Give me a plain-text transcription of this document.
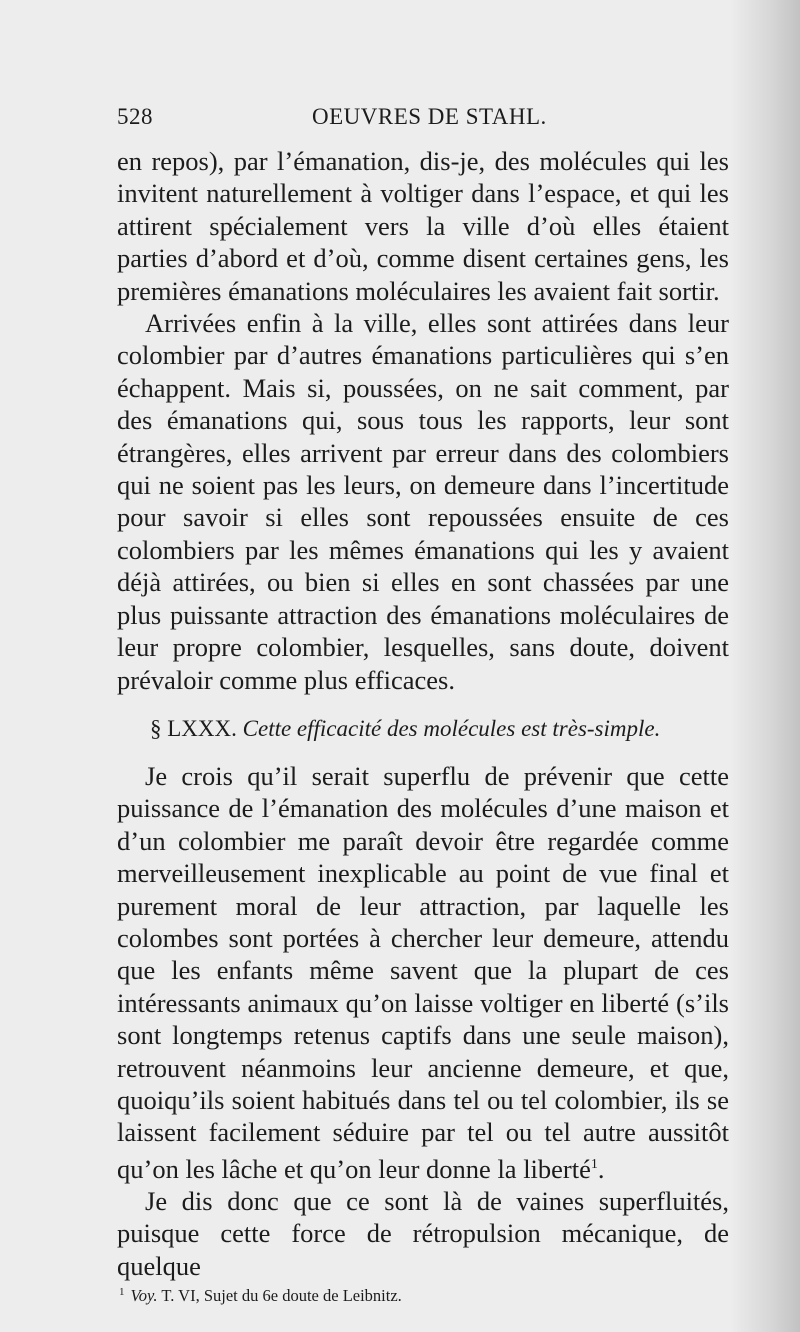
528	OEUVRES DE STAHL.

en repos), par l’émanation, dis-je, des molécules qui les invitent naturellement à voltiger dans l’espace, et qui les attirent spécialement vers la ville d’où elles étaient parties d’abord et d’où, comme disent certaines gens, les premières émanations moléculaires les avaient fait sortir.

Arrivées enfin à la ville, elles sont attirées dans leur colombier par d’autres émanations particulières qui s’en échappent. Mais si, poussées, on ne sait comment, par des émanations qui, sous tous les rapports, leur sont étrangères, elles arrivent par erreur dans des colombiers qui ne soient pas les leurs, on demeure dans l’incertitude pour savoir si elles sont repoussées ensuite de ces colombiers par les mêmes émanations qui les y avaient déjà attirées, ou bien si elles en sont chassées par une plus puissante attraction des émanations moléculaires de leur propre colombier, lesquelles, sans doute, doivent prévaloir comme plus efficaces.

§ LXXX. Cette efficacité des molécules est très-simple.

Je crois qu’il serait superflu de prévenir que cette puissance de l’émanation des molécules d’une maison et d’un colombier me paraît devoir être regardée comme merveilleusement inexplicable au point de vue final et purement moral de leur attraction, par laquelle les colombes sont portées à chercher leur demeure, attendu que les enfants même savent que la plupart de ces intéressants animaux qu’on laisse voltiger en liberté (s’ils sont longtemps retenus captifs dans une seule maison), retrouvent néanmoins leur ancienne demeure, et que, quoiqu’ils soient habitués dans tel ou tel colombier, ils se laissent facilement séduire par tel ou tel autre aussitôt qu’on les lâche et qu’on leur donne la liberté$^1$.

Je dis donc que ce sont là de vaines superfluités, puisque cette force de rétropulsion mécanique, de quelque

$^1$ Voy. T. VI, Sujet du 6e doute de Leibnitz.
